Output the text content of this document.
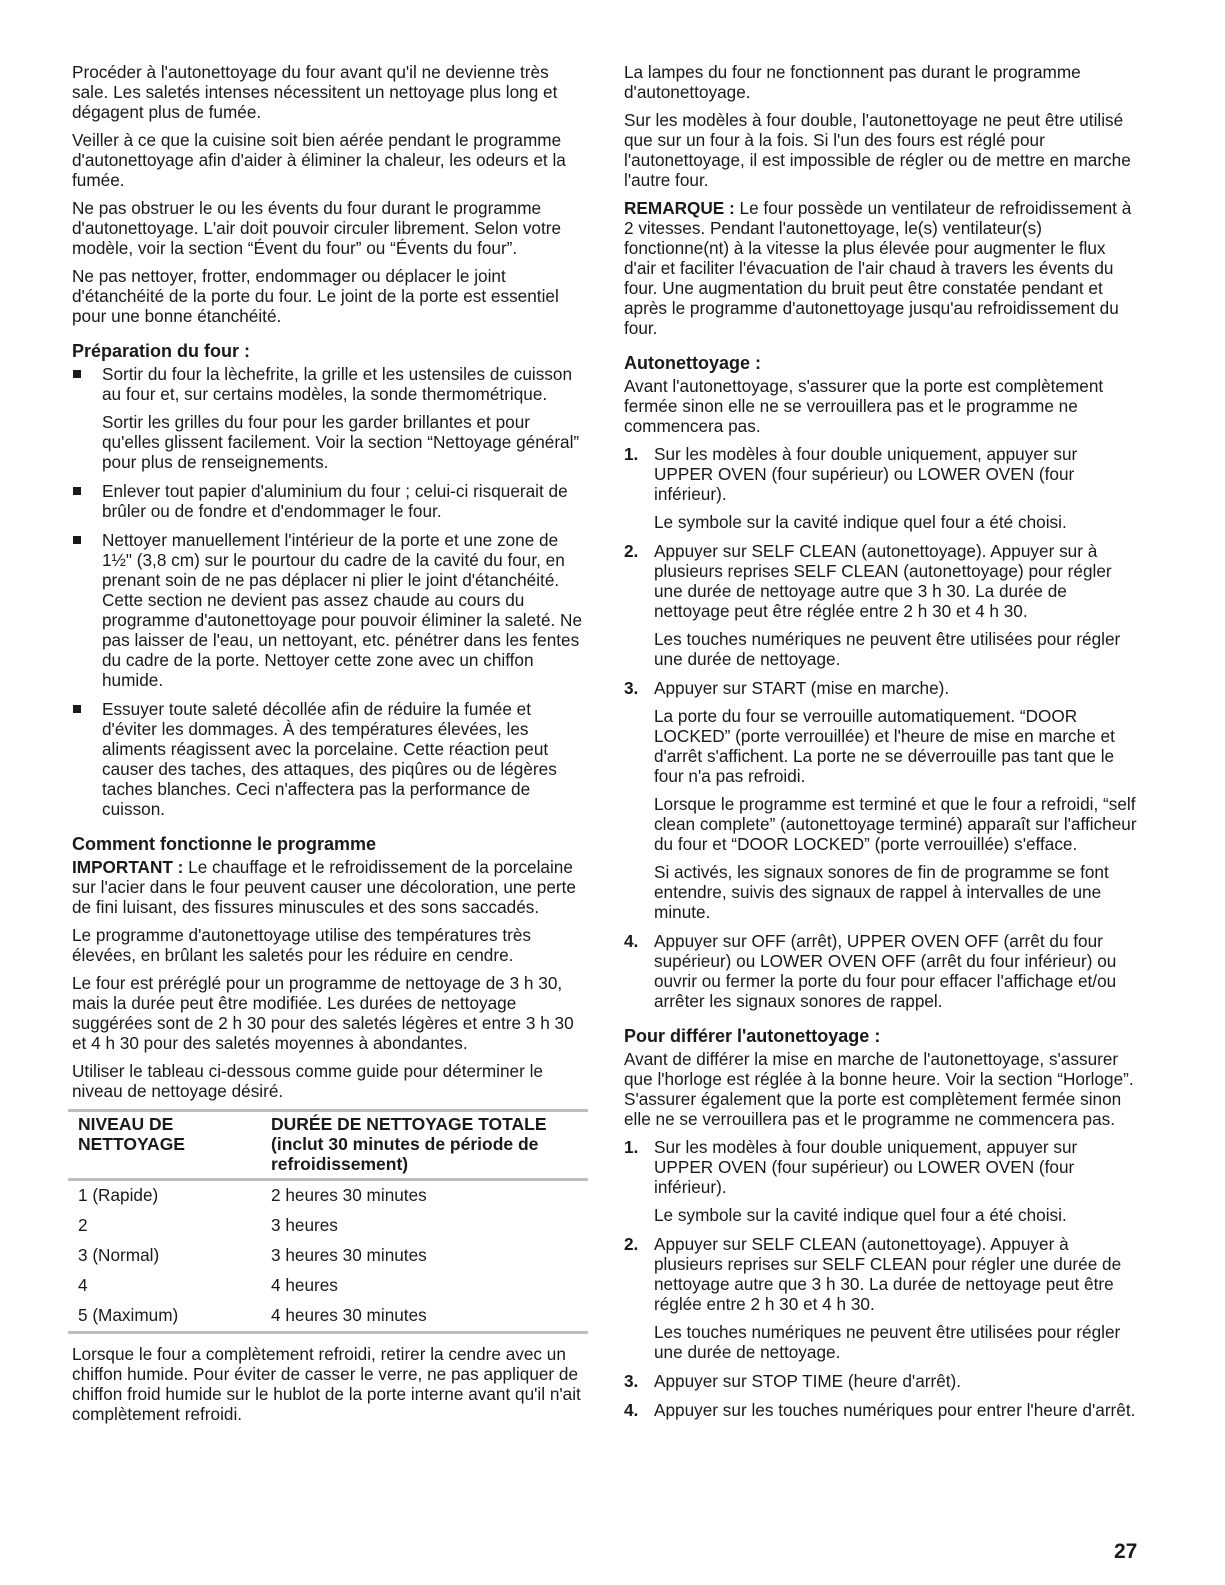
Procéder à l'autonettoyage du four avant qu'il ne devienne très sale. Les saletés intenses nécessitent un nettoyage plus long et dégagent plus de fumée.

Veiller à ce que la cuisine soit bien aérée pendant le programme d'autonettoyage afin d'aider à éliminer la chaleur, les odeurs et la fumée.

Ne pas obstruer le ou les évents du four durant le programme d'autonettoyage. L'air doit pouvoir circuler librement. Selon votre modèle, voir la section “Évent du four” ou “Évents du four”.

Ne pas nettoyer, frotter, endommager ou déplacer le joint d'étanchéité de la porte du four. Le joint de la porte est essentiel pour une bonne étanchéité.

Préparation du four :

Sortir du four la lèchefrite, la grille et les ustensiles de cuisson au four et, sur certains modèles, la sonde thermométrique.

Sortir les grilles du four pour les garder brillantes et pour qu'elles glissent facilement. Voir la section “Nettoyage général” pour plus de renseignements.

Enlever tout papier d'aluminium du four ; celui-ci risquerait de brûler ou de fondre et d'endommager le four.
Nettoyer manuellement l'intérieur de la porte et une zone de 1½" (3,8 cm) sur le pourtour du cadre de la cavité du four, en prenant soin de ne pas déplacer ni plier le joint d'étanchéité. Cette section ne devient pas assez chaude au cours du programme d'autonettoyage pour pouvoir éliminer la saleté. Ne pas laisser de l'eau, un nettoyant, etc. pénétrer dans les fentes du cadre de la porte. Nettoyer cette zone avec un chiffon humide.
Essuyer toute saleté décollée afin de réduire la fumée et d'éviter les dommages. À des températures élevées, les aliments réagissent avec la porcelaine. Cette réaction peut causer des taches, des attaques, des piqûres ou de légères taches blanches. Ceci n'affectera pas la performance de cuisson.
Comment fonctionne le programme

IMPORTANT : Le chauffage et le refroidissement de la porcelaine sur l'acier dans le four peuvent causer une décoloration, une perte de fini luisant, des fissures minuscules et des sons saccadés.

Le programme d'autonettoyage utilise des températures très élevées, en brûlant les saletés pour les réduire en cendre.

Le four est préréglé pour un programme de nettoyage de 3 h 30, mais la durée peut être modifiée. Les durées de nettoyage suggérées sont de 2 h 30 pour des saletés légères et entre 3 h 30 et 4 h 30 pour des saletés moyennes à abondantes.

Utiliser le tableau ci-dessous comme guide pour déterminer le niveau de nettoyage désiré.

NIVEAU DE NETTOYAGE	DURÉE DE NETTOYAGE TOTALE (inclut 30 minutes de période de refroidissement)
1 (Rapide)	2 heures 30 minutes
2	3 heures
3 (Normal)	3 heures 30 minutes
4	4 heures
5 (Maximum)	4 heures 30 minutes

Lorsque le four a complètement refroidi, retirer la cendre avec un chiffon humide. Pour éviter de casser le verre, ne pas appliquer de chiffon froid humide sur le hublot de la porte interne avant qu'il n'ait complètement refroidi.

La lampes du four ne fonctionnent pas durant le programme d'autonettoyage.

Sur les modèles à four double, l'autonettoyage ne peut être utilisé que sur un four à la fois. Si l'un des fours est réglé pour l'autonettoyage, il est impossible de régler ou de mettre en marche l'autre four.

REMARQUE : Le four possède un ventilateur de refroidissement à 2 vitesses. Pendant l'autonettoyage, le(s) ventilateur(s) fonctionne(nt) à la vitesse la plus élevée pour augmenter le flux d'air et faciliter l'évacuation de l'air chaud à travers les évents du four. Une augmentation du bruit peut être constatée pendant et après le programme d'autonettoyage jusqu'au refroidissement du four.

Autonettoyage :

Avant l'autonettoyage, s'assurer que la porte est complètement fermée sinon elle ne se verrouillera pas et le programme ne commencera pas.

1. Sur les modèles à four double uniquement, appuyer sur UPPER OVEN (four supérieur) ou LOWER OVEN (four inférieur).

Le symbole sur la cavité indique quel four a été choisi.

2. Appuyer sur SELF CLEAN (autonettoyage). Appuyer sur à plusieurs reprises SELF CLEAN (autonettoyage) pour régler une durée de nettoyage autre que 3 h 30. La durée de nettoyage peut être réglée entre 2 h 30 et 4 h 30.

Les touches numériques ne peuvent être utilisées pour régler une durée de nettoyage.

3. Appuyer sur START (mise en marche).

La porte du four se verrouille automatiquement. “DOOR LOCKED” (porte verrouillée) et l'heure de mise en marche et d'arrêt s'affichent. La porte ne se déverrouille pas tant que le four n'a pas refroidi.

Lorsque le programme est terminé et que le four a refroidi, “self clean complete” (autonettoyage terminé) apparaît sur l'afficheur du four et “DOOR LOCKED” (porte verrouillée) s'efface.

Si activés, les signaux sonores de fin de programme se font entendre, suivis des signaux de rappel à intervalles de une minute.

4. Appuyer sur OFF (arrêt), UPPER OVEN OFF (arrêt du four supérieur) ou LOWER OVEN OFF (arrêt du four inférieur) ou ouvrir ou fermer la porte du four pour effacer l'affichage et/ou arrêter les signaux sonores de rappel.

Pour différer l'autonettoyage :

Avant de différer la mise en marche de l'autonettoyage, s'assurer que l'horloge est réglée à la bonne heure. Voir la section “Horloge”. S'assurer également que la porte est complètement fermée sinon elle ne se verrouillera pas et le programme ne commencera pas.

1. Sur les modèles à four double uniquement, appuyer sur UPPER OVEN (four supérieur) ou LOWER OVEN (four inférieur).

Le symbole sur la cavité indique quel four a été choisi.

2. Appuyer sur SELF CLEAN (autonettoyage). Appuyer à plusieurs reprises sur SELF CLEAN pour régler une durée de nettoyage autre que 3 h 30. La durée de nettoyage peut être réglée entre 2 h 30 et 4 h 30.

Les touches numériques ne peuvent être utilisées pour régler une durée de nettoyage.

3. Appuyer sur STOP TIME (heure d'arrêt).

4. Appuyer sur les touches numériques pour entrer l'heure d'arrêt.

27
